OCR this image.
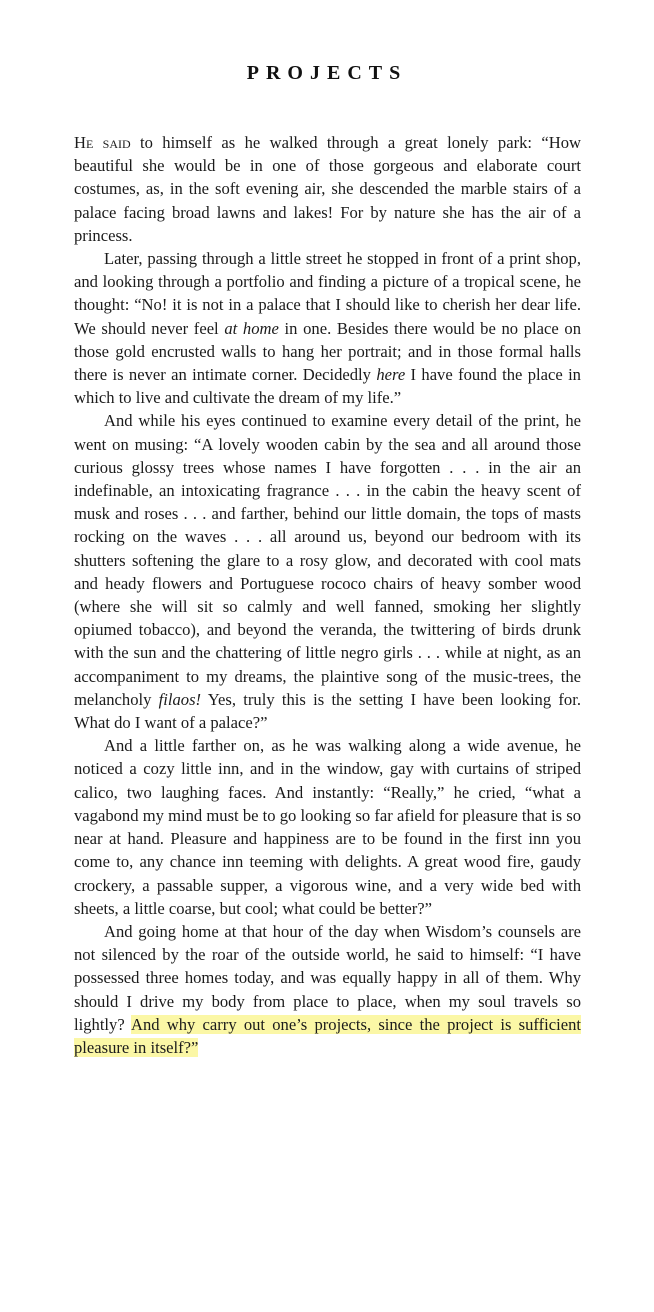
PROJECTS

He said to himself as he walked through a great lonely park: “How beautiful she would be in one of those gorgeous and elaborate court costumes, as, in the soft evening air, she descended the marble stairs of a palace facing broad lawns and lakes! For by nature she has the air of a princess.

Later, passing through a little street he stopped in front of a print shop, and looking through a portfolio and finding a picture of a tropical scene, he thought: “No! it is not in a palace that I should like to cherish her dear life. We should never feel at home in one. Besides there would be no place on those gold encrusted walls to hang her portrait; and in those formal halls there is never an intimate corner. Decidedly here I have found the place in which to live and cultivate the dream of my life.”

And while his eyes continued to examine every detail of the print, he went on musing: “A lovely wooden cabin by the sea and all around those curious glossy trees whose names I have forgotten . . . in the air an indefinable, an intoxicating fragrance . . . in the cabin the heavy scent of musk and roses . . . and farther, behind our little domain, the tops of masts rocking on the waves . . . all around us, beyond our bedroom with its shutters softening the glare to a rosy glow, and decorated with cool mats and heady flowers and Portuguese rococo chairs of heavy somber wood (where she will sit so calmly and well fanned, smoking her slightly opiumed tobacco), and beyond the veranda, the twittering of birds drunk with the sun and the chattering of little negro girls . . . while at night, as an accompaniment to my dreams, the plaintive song of the music-trees, the melancholy filaos! Yes, truly this is the setting I have been looking for. What do I want of a palace?”

And a little farther on, as he was walking along a wide avenue, he noticed a cozy little inn, and in the window, gay with curtains of striped calico, two laughing faces. And instantly: “Really,” he cried, “what a vagabond my mind must be to go looking so far afield for pleasure that is so near at hand. Pleasure and happiness are to be found in the first inn you come to, any chance inn teeming with delights. A great wood fire, gaudy crockery, a passable supper, a vigorous wine, and a very wide bed with sheets, a little coarse, but cool; what could be better?”

And going home at that hour of the day when Wisdom’s counsels are not silenced by the roar of the outside world, he said to himself: “I have possessed three homes today, and was equally happy in all of them. Why should I drive my body from place to place, when my soul travels so lightly? And why carry out one’s projects, since the project is sufficient pleasure in itself?”
